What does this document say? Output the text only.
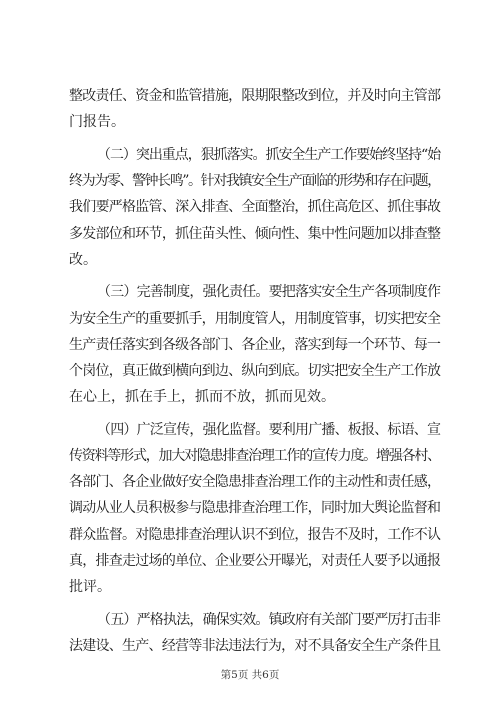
整改责任、资金和监管措施，限期限整改到位，并及时向主管部
门报告。
（二）突出重点，狠抓落实。抓安全生产工作要始终坚持“始
终为为零、警钟长鸣”。针对我镇安全生产面临的形势和存在问题，
我们要严格监管、深入排查、全面整治，抓住高危区、抓住事故
多发部位和环节，抓住苗头性、倾向性、集中性问题加以排查整
改。
（三）完善制度，强化责任。要把落实安全生产各项制度作
为安全生产的重要抓手，用制度管人，用制度管事，切实把安全
生产责任落实到各级各部门、各企业，落实到每一个环节、每一
个岗位，真正做到横向到边、纵向到底。切实把安全生产工作放
在心上，抓在手上，抓而不放，抓而见效。
（四）广泛宣传，强化监督。要利用广播、板报、标语、宣
传资料等形式，加大对隐患排查治理工作的宣传力度。增强各村、
各部门、各企业做好安全隐患排查治理工作的主动性和责任感，
调动从业人员积极参与隐患排查治理工作，同时加大舆论监督和
群众监督。对隐患排查治理认识不到位，报告不及时，工作不认
真，排查走过场的单位、企业要公开曝光，对责任人要予以通报
批评。
（五）严格执法，确保实效。镇政府有关部门要严厉打击非
法建设、生产、经营等非法违法行为，对不具备安全生产条件且
第5页 共6页
